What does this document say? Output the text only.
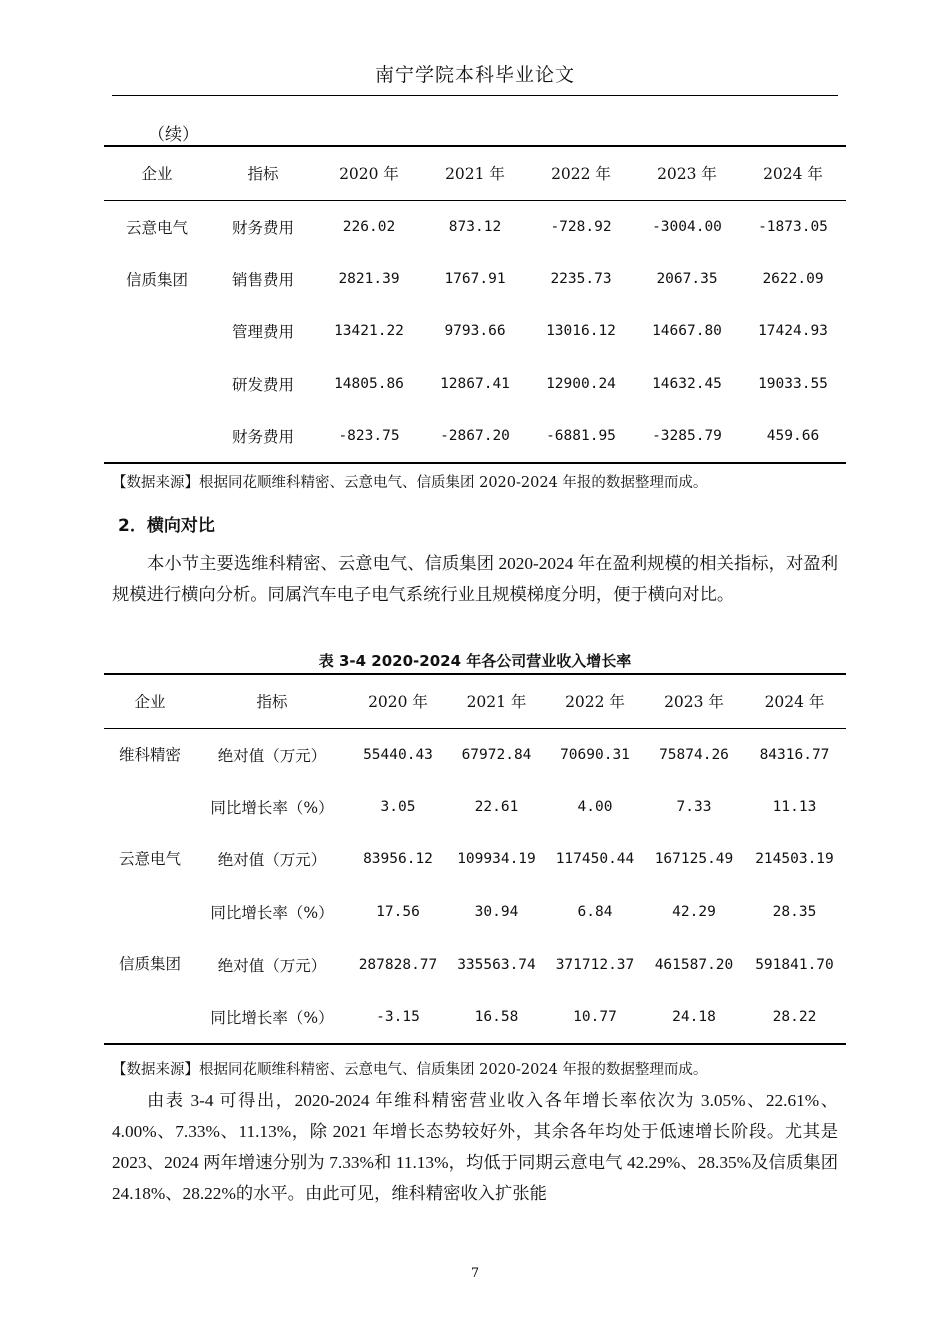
南宁学院本科毕业论文
（续）
企业	指标	2020 年	2021 年	2022 年	2023 年	2024 年
云意电气	财务费用	226.02	873.12	-728.92	-3004.00	-1873.05
信质集团	销售费用	2821.39	1767.91	2235.73	2067.35	2622.09
	管理费用	13421.22	9793.66	13016.12	14667.80	17424.93
	研发费用	14805.86	12867.41	12900.24	14632.45	19033.55
	财务费用	-823.75	-2867.20	-6881.95	-3285.79	459.66
【数据来源】根据同花顺维科精密、云意电气、信质集团 2020-2024 年报的数据整理而成。
2．横向对比
本小节主要选维科精密、云意电气、信质集团 2020-2024 年在盈利规模的相关指标，对盈利规模进行横向分析。同属汽车电子电气系统行业且规模梯度分明，便于横向对比。
表 3-4 2020-2024 年各公司营业收入增长率
企业	指标	2020 年	2021 年	2022 年	2023 年	2024 年
维科精密	绝对值（万元）	55440.43	67972.84	70690.31	75874.26	84316.77
	同比增长率（%）	3.05	22.61	4.00	7.33	11.13
云意电气	绝对值（万元）	83956.12	109934.19	117450.44	167125.49	214503.19
	同比增长率（%）	17.56	30.94	6.84	42.29	28.35
信质集团	绝对值（万元）	287828.77	335563.74	371712.37	461587.20	591841.70
	同比增长率（%）	-3.15	16.58	10.77	24.18	28.22
【数据来源】根据同花顺维科精密、云意电气、信质集团 2020-2024 年报的数据整理而成。
由表 3-4 可得出，2020-2024 年维科精密营业收入各年增长率依次为 3.05%、22.61%、4.00%、7.33%、11.13%，除 2021 年增长态势较好外，其余各年均处于低速增长阶段。尤其是 2023、2024 两年增速分别为 7.33%和 11.13%，均低于同期云意电气 42.29%、28.35%及信质集团 24.18%、28.22%的水平。由此可见，维科精密收入扩张能
7
